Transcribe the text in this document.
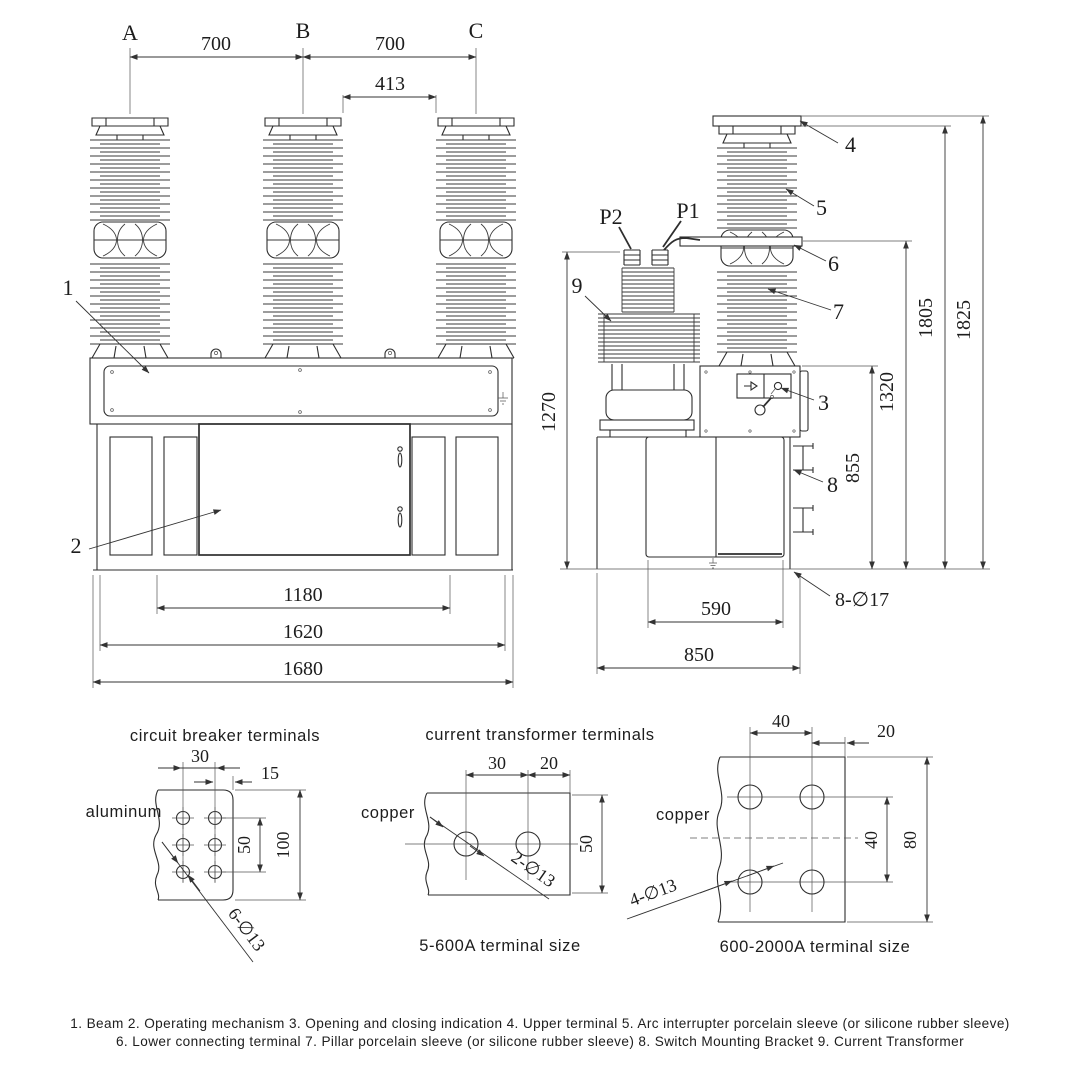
A	B	C
700	700
413
1180
1620
1680
1
2
P2 P1
4
5
6
7
3
8
9
1270
855
1320
1805 1825
590
850
8-∅17
circuit breaker terminals
aluminum
30
15
50 100
6-∅13
current transformer terminals
copper
30 20
50
2-∅13
5-600A terminal size
copper
40	20
40 80
4-∅13
600-2000A terminal size
1. Beam 2. Operating mechanism 3. Opening and closing indication 4. Upper terminal 5. Arc interrupter porcelain sleeve (or silicone rubber sleeve)
6. Lower connecting terminal 7. Pillar porcelain sleeve (or silicone rubber sleeve) 8. Switch Mounting Bracket 9. Current Transformer
